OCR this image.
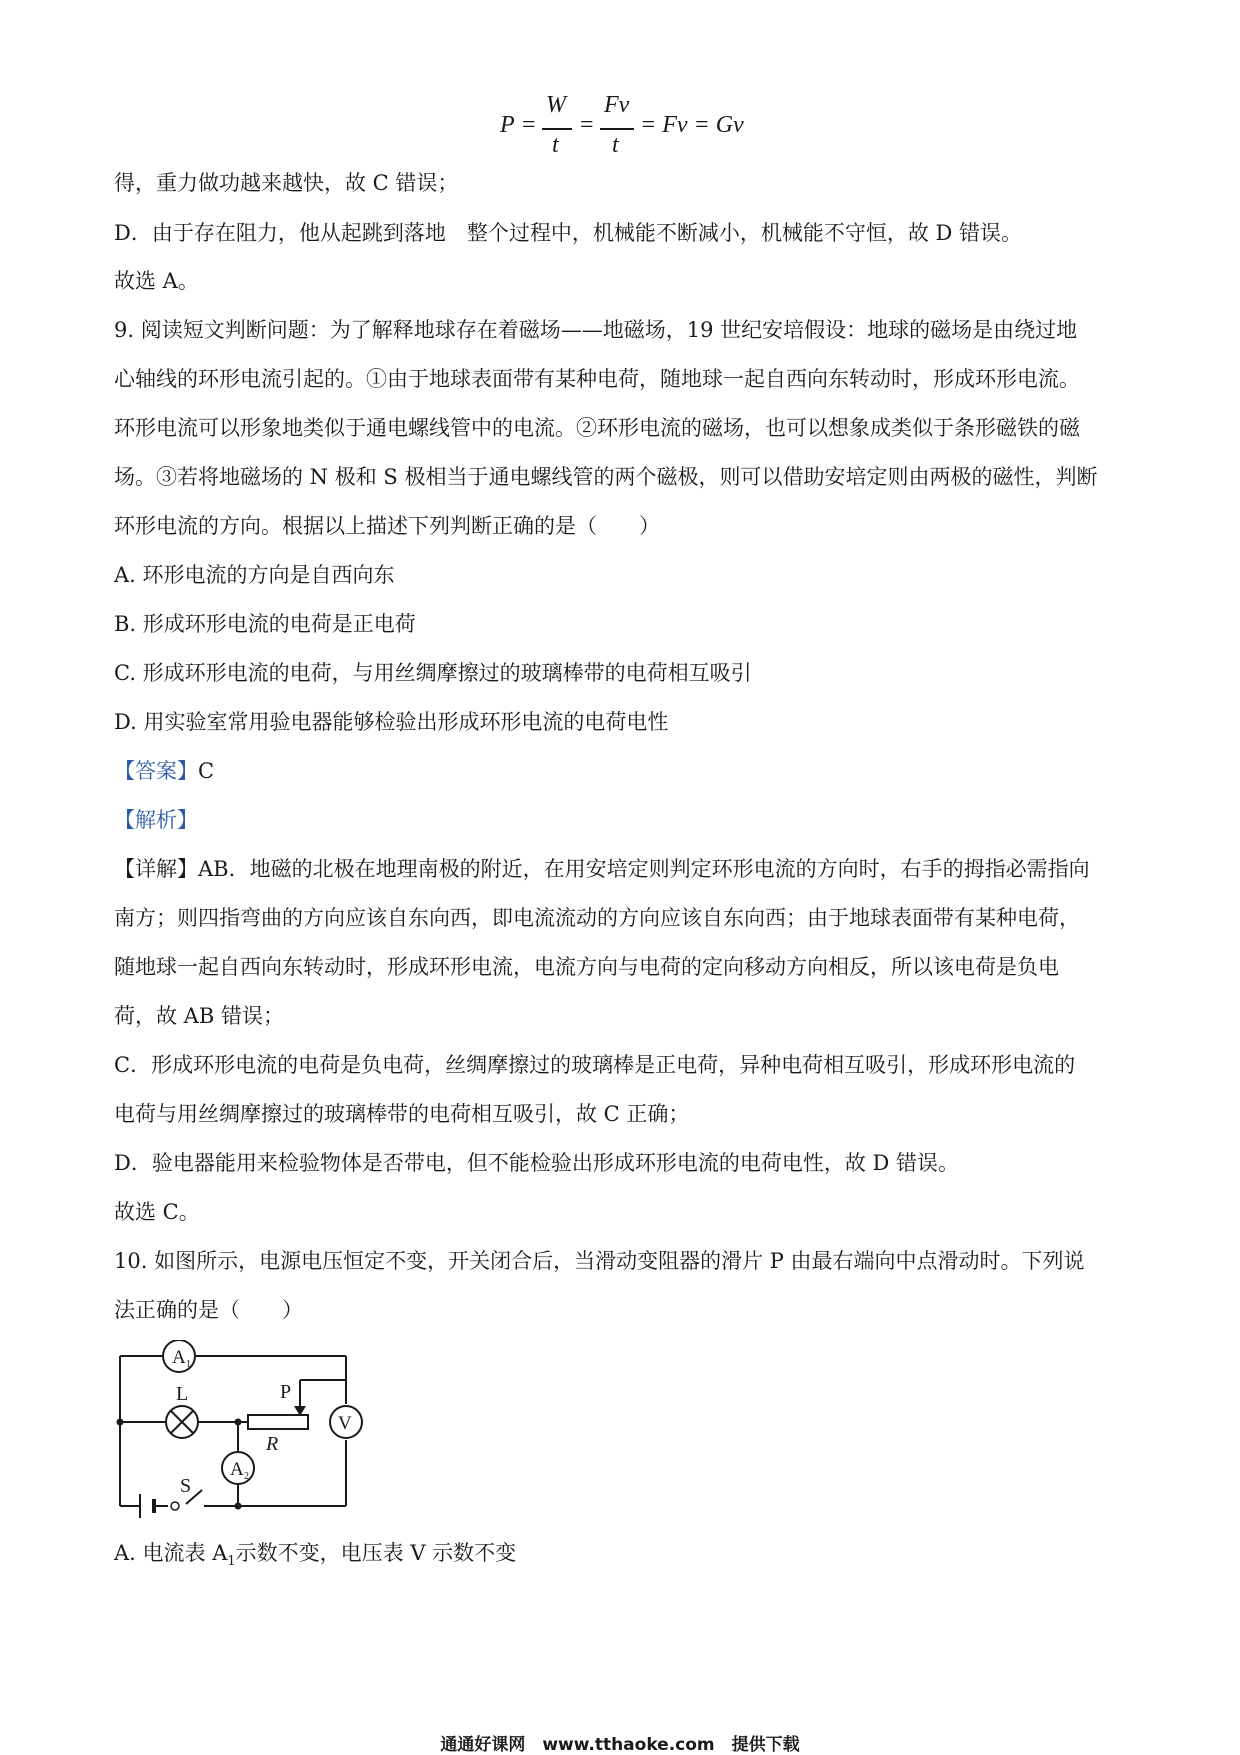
P =
W
t
=
Fv
t
= Fv = Gv
得，重力做功越来越快，故 C 错误；
D．由于存在阻力，他从起跳到落地　整个过程中，机械能不断减小，机械能不守恒，故 D 错误。
故选 A。
9. 阅读短文判断问题：为了解释地球存在着磁场——地磁场，19 世纪安培假设：地球的磁场是由绕过地
心轴线的环形电流引起的。①由于地球表面带有某种电荷，随地球一起自西向东转动时，形成环形电流。
环形电流可以形象地类似于通电螺线管中的电流。②环形电流的磁场，也可以想象成类似于条形磁铁的磁
场。③若将地磁场的 N 极和 S 极相当于通电螺线管的两个磁极，则可以借助安培定则由两极的磁性，判断
环形电流的方向。根据以上描述下列判断正确的是（　　）
A. 环形电流的方向是自西向东
B. 形成环形电流的电荷是正电荷
C. 形成环形电流的电荷，与用丝绸摩擦过的玻璃棒带的电荷相互吸引
D. 用实验室常用验电器能够检验出形成环形电流的电荷电性
【答案】C
【解析】
【详解】AB．地磁的北极在地理南极的附近，在用安培定则判定环形电流的方向时，右手的拇指必需指向
南方；则四指弯曲的方向应该自东向西，即电流流动的方向应该自东向西；由于地球表面带有某种电荷，
随地球一起自西向东转动时，形成环形电流，电流方向与电荷的定向移动方向相反，所以该电荷是负电
荷，故 AB 错误；
C．形成环形电流的电荷是负电荷，丝绸摩擦过的玻璃棒是正电荷，异种电荷相互吸引，形成环形电流的
电荷与用丝绸摩擦过的玻璃棒带的电荷相互吸引，故 C 正确；
D．验电器能用来检验物体是否带电，但不能检验出形成环形电流的电荷电性，故 D 错误。
故选 C。
10. 如图所示，电源电压恒定不变，开关闭合后，当滑动变阻器的滑片 P 由最右端向中点滑动时。下列说
法正确的是（　　）
A 1
L	P
R
V
A 2
S
A. 电流表 $A_1$示数不变，电压表 V 示数不变
通通好课网　www.tthaoke.com　提供下载
